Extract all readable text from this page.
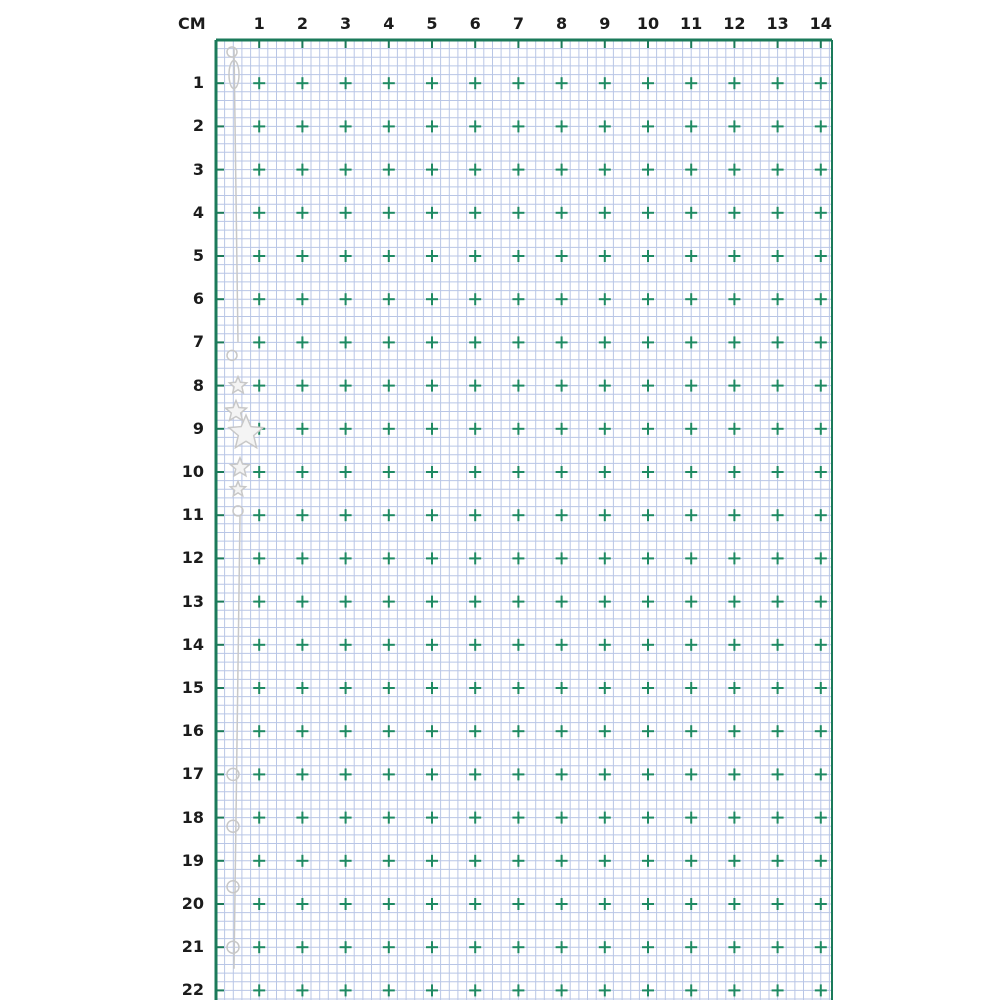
CM	1	2	3	4	5	6	7	8	9	10	11	12	13	14
1
2
3
4
5
6
7
8
9
10
11
12
13
14
15
16
17
18
19
20
21
22
